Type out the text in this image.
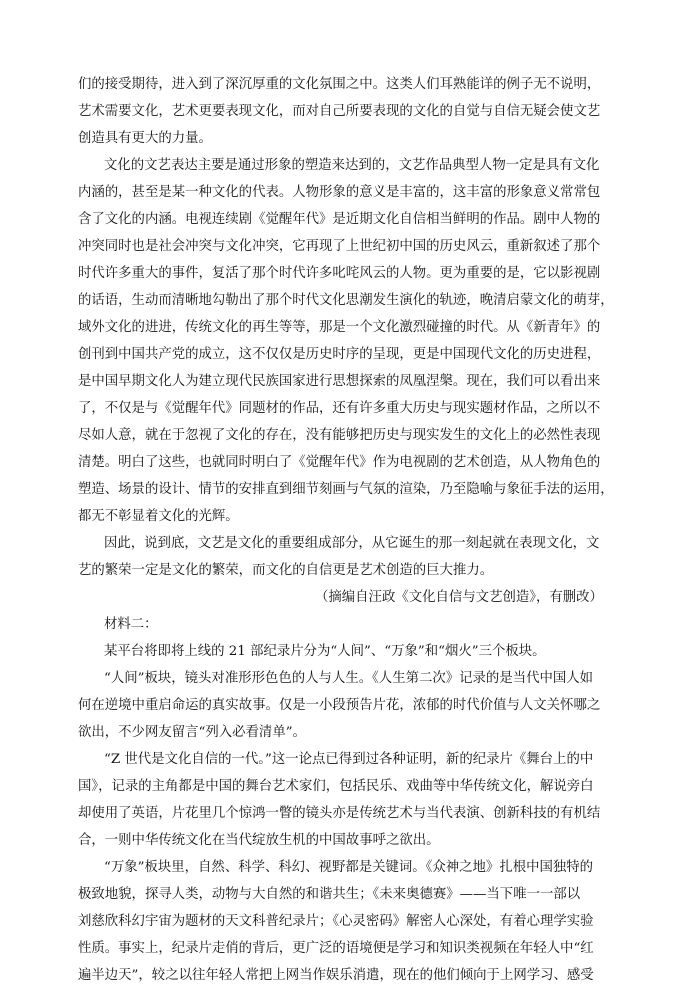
们的接受期待，进入到了深沉厚重的文化氛围之中。这类人们耳熟能详的例子无不说明，
艺术需要文化，艺术更要表现文化，而对自己所要表现的文化的自觉与自信无疑会使文艺
创造具有更大的力量。
文化的文艺表达主要是通过形象的塑造来达到的，文艺作品典型人物一定是具有文化
内涵的，甚至是某一种文化的代表。人物形象的意义是丰富的，这丰富的形象意义常常包
含了文化的内涵。电视连续剧《觉醒年代》是近期文化自信相当鲜明的作品。剧中人物的
冲突同时也是社会冲突与文化冲突，它再现了上世纪初中国的历史风云，重新叙述了那个
时代许多重大的事件，复活了那个时代许多叱咤风云的人物。更为重要的是，它以影视剧
的话语，生动而清晰地勾勒出了那个时代文化思潮发生演化的轨迹，晚清启蒙文化的萌芽，
域外文化的进进，传统文化的再生等等，那是一个文化激烈碰撞的时代。从《新青年》的
创刊到中国共产党的成立，这不仅仅是历史时序的呈现，更是中国现代文化的历史进程，
是中国早期文化人为建立现代民族国家进行思想探索的凤凰涅槃。现在，我们可以看出来
了，不仅是与《觉醒年代》同题材的作品，还有许多重大历史与现实题材作品，之所以不
尽如人意，就在于忽视了文化的存在，没有能够把历史与现实发生的文化上的必然性表现
清楚。明白了这些，也就同时明白了《觉醒年代》作为电视剧的艺术创造，从人物角色的
塑造、场景的设计、情节的安排直到细节刻画与气氛的渲染，乃至隐喻与象征手法的运用，
都无不彰显着文化的光辉。
因此，说到底，文艺是文化的重要组成部分，从它诞生的那一刻起就在表现文化，文
艺的繁荣一定是文化的繁荣，而文化的自信更是艺术创造的巨大推力。
（摘编自汪政《文化自信与文艺创造》，有删改）
材料二：
某平台将即将上线的 21 部纪录片分为“人间”、“万象”和“烟火”三个板块。
“人间”板块，镜头对准形形色色的人与人生。《人生第二次》记录的是当代中国人如
何在逆境中重启命运的真实故事。仅是一小段预告片花，浓郁的时代价值与人文关怀哪之
欲出，不少网友留言“列入必看清单”。
“Z 世代是文化自信的一代。”这一论点已得到过各种证明，新的纪录片《舞台上的中
国》，记录的主角都是中国的舞台艺术家们，包括民乐、戏曲等中华传统文化，解说旁白
却使用了英语，片花里几个惊鸿一瞥的镜头亦是传统艺术与当代表演、创新科技的有机结
合，一则中华传统文化在当代绽放生机的中国故事呼之欲出。
“万象”板块里，自然、科学、科幻、视野都是关键词。《众神之地》扎根中国独特的
极致地貌，探寻人类，动物与大自然的和谐共生；《未来奥德赛》——当下唯一一部以
刘慈欣科幻宇宙为题材的天文科普纪录片；《心灵密码》解密人心深处，有着心理学实验
性质。事实上，纪录片走俏的背后，更广泛的语境便是学习和知识类视频在年轻人中“红
遍半边天”，较之以往年轻人常把上网当作娱乐消遣，现在的他们倾向于上网学习、感受
